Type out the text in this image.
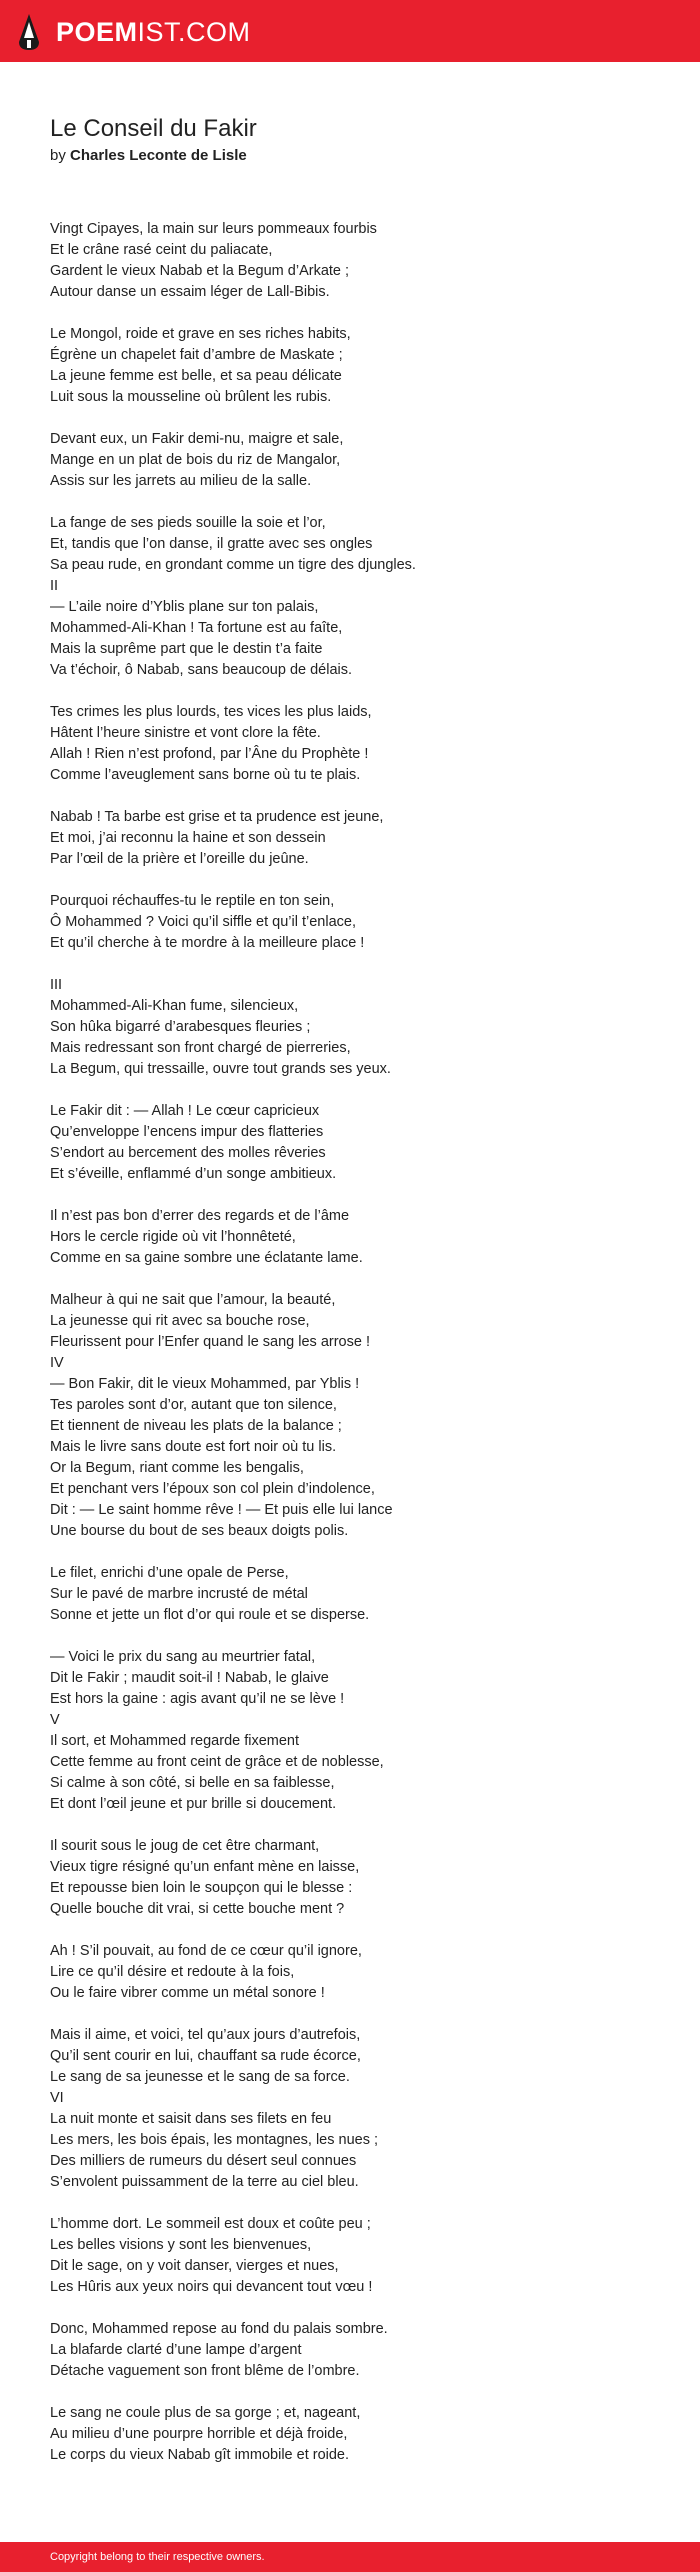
POEMIST.COM
Le Conseil du Fakir
by Charles Leconte de Lisle
Vingt Cipayes, la main sur leurs pommeaux fourbis
Et le crâne rasé ceint du paliacate,
Gardent le vieux Nabab et la Begum d’Arkate ;
Autour danse un essaim léger de Lall-Bibis.
Le Mongol, roide et grave en ses riches habits,
Égrène un chapelet fait d’ambre de Maskate ;
La jeune femme est belle, et sa peau délicate
Luit sous la mousseline où brûlent les rubis.
Devant eux, un Fakir demi-nu, maigre et sale,
Mange en un plat de bois du riz de Mangalor,
Assis sur les jarrets au milieu de la salle.
La fange de ses pieds souille la soie et l’or,
Et, tandis que l’on danse, il gratte avec ses ongles
Sa peau rude, en grondant comme un tigre des djungles.
II
— L’aile noire d’Yblis plane sur ton palais,
Mohammed-Ali-Khan ! Ta fortune est au faîte,
Mais la suprême part que le destin t’a faite
Va t’échoir, ô Nabab, sans beaucoup de délais.
Tes crimes les plus lourds, tes vices les plus laids,
Hâtent l’heure sinistre et vont clore la fête.
Allah ! Rien n’est profond, par l’Âne du Prophète !
Comme l’aveuglement sans borne où tu te plais.
Nabab ! Ta barbe est grise et ta prudence est jeune,
Et moi, j’ai reconnu la haine et son dessein
Par l’œil de la prière et l’oreille du jeûne.
Pourquoi réchauffes-tu le reptile en ton sein,
Ô Mohammed ? Voici qu’il siffle et qu’il t’enlace,
Et qu’il cherche à te mordre à la meilleure place !
III
Mohammed-Ali-Khan fume, silencieux,
Son hûka bigarré d’arabesques fleuries ;
Mais redressant son front chargé de pierreries,
La Begum, qui tressaille, ouvre tout grands ses yeux.
Le Fakir dit : — Allah ! Le cœur capricieux
Qu’enveloppe l’encens impur des flatteries
S’endort au bercement des molles rêveries
Et s’éveille, enflammé d’un songe ambitieux.
Il n’est pas bon d’errer des regards et de l’âme
Hors le cercle rigide où vit l’honnêteté,
Comme en sa gaine sombre une éclatante lame.
Malheur à qui ne sait que l’amour, la beauté,
La jeunesse qui rit avec sa bouche rose,
Fleurissent pour l’Enfer quand le sang les arrose !
IV
— Bon Fakir, dit le vieux Mohammed, par Yblis !
Tes paroles sont d’or, autant que ton silence,
Et tiennent de niveau les plats de la balance ;
Mais le livre sans doute est fort noir où tu lis.
Or la Begum, riant comme les bengalis,
Et penchant vers l’époux son col plein d’indolence,
Dit : — Le saint homme rêve ! — Et puis elle lui lance
Une bourse du bout de ses beaux doigts polis.
Le filet, enrichi d’une opale de Perse,
Sur le pavé de marbre incrusté de métal
Sonne et jette un flot d’or qui roule et se disperse.
— Voici le prix du sang au meurtrier fatal,
Dit le Fakir ; maudit soit-il ! Nabab, le glaive
Est hors la gaine : agis avant qu’il ne se lève !
V
Il sort, et Mohammed regarde fixement
Cette femme au front ceint de grâce et de noblesse,
Si calme à son côté, si belle en sa faiblesse,
Et dont l’œil jeune et pur brille si doucement.
Il sourit sous le joug de cet être charmant,
Vieux tigre résigné qu’un enfant mène en laisse,
Et repousse bien loin le soupçon qui le blesse :
Quelle bouche dit vrai, si cette bouche ment ?
Ah ! S’il pouvait, au fond de ce cœur qu’il ignore,
Lire ce qu’il désire et redoute à la fois,
Ou le faire vibrer comme un métal sonore !
Mais il aime, et voici, tel qu’aux jours d’autrefois,
Qu’il sent courir en lui, chauffant sa rude écorce,
Le sang de sa jeunesse et le sang de sa force.
VI
La nuit monte et saisit dans ses filets en feu
Les mers, les bois épais, les montagnes, les nues ;
Des milliers de rumeurs du désert seul connues
S’envolent puissamment de la terre au ciel bleu.
L’homme dort. Le sommeil est doux et coûte peu ;
Les belles visions y sont les bienvenues,
Dit le sage, on y voit danser, vierges et nues,
Les Hûris aux yeux noirs qui devancent tout vœu !
Donc, Mohammed repose au fond du palais sombre.
La blafarde clarté d’une lampe d’argent
Détache vaguement son front blême de l’ombre.
Le sang ne coule plus de sa gorge ; et, nageant,
Au milieu d’une pourpre horrible et déjà froide,
Le corps du vieux Nabab gît immobile et roide.
Copyright belong to their respective owners.
